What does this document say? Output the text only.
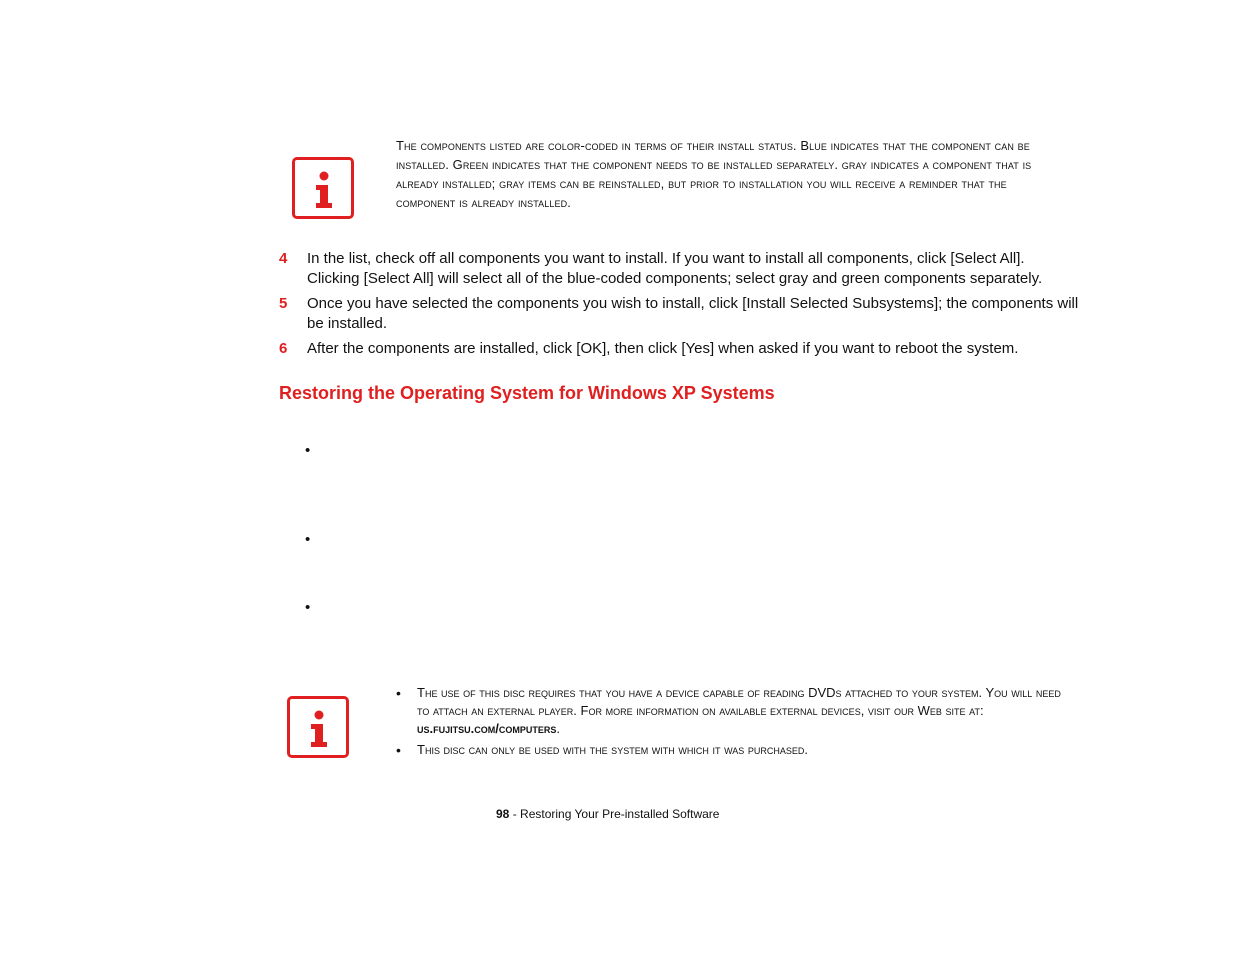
The components listed are color-coded in terms of their install status. Blue indicates that the component can be installed. Green indicates that the component needs to be installed separately. gray indicates a component that is already installed; gray items can be reinstalled, but prior to installation you will receive a reminder that the component is already installed.
4 In the list, check off all components you want to install. If you want to install all components, click [Select All]. Clicking [Select All] will select all of the blue-coded components; select gray and green components separately.
5 Once you have selected the components you wish to install, click [Install Selected Subsystems]; the components will be installed.
6 After the components are installed, click [OK], then click [Yes] when asked if you want to reboot the system.
Restoring the Operating System for Windows XP Systems
•
•
•
• The use of this disc requires that you have a device capable of reading DVDs attached to your system. You will need to attach an external player. For more information on available external devices, visit our Web site at: us.fujitsu.com/computers.
• This disc can only be used with the system with which it was purchased.
98 - Restoring Your Pre-installed Software
